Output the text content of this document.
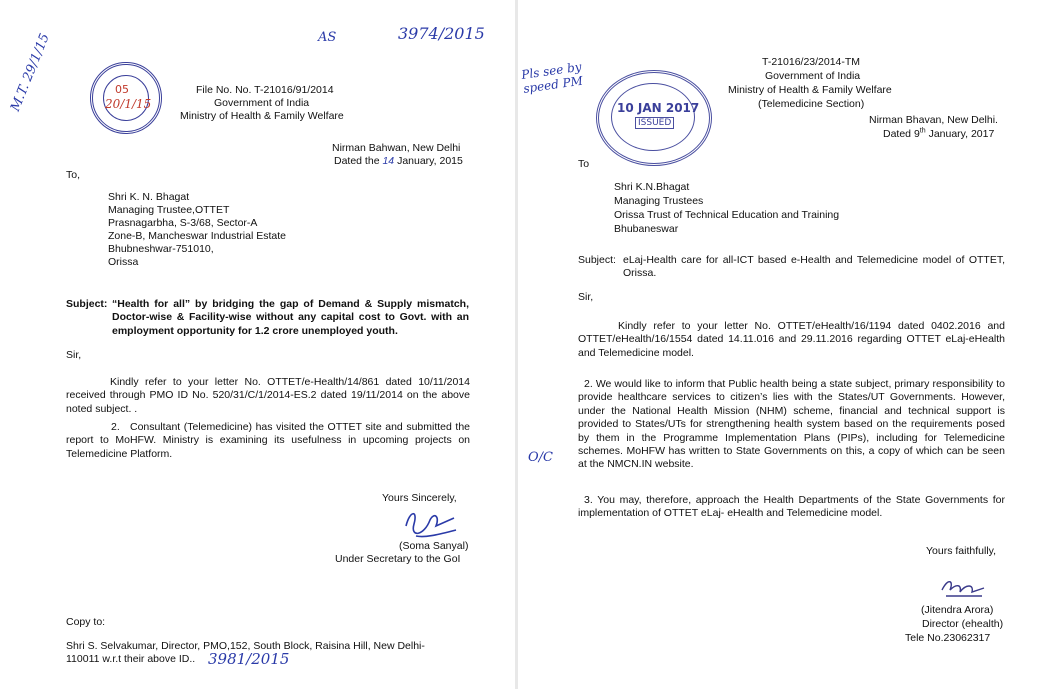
M.T. 29/1/15	AS	3974/2015
05
20/1/15
File No. No. T-21016/91/2014
Government of India
Ministry of Health & Family Welfare
Nirman Bahwan, New Delhi
Dated the 14 January, 2015
To,
Shri K. N. Bhagat
Managing Trustee,OTTET
Prasnagarbha, S-3/68, Sector-A
Zone-B, Mancheswar Industrial Estate
Bhubneshwar-751010,
Orissa
Subject: “Health for all” by bridging the gap of Demand & Supply mismatch, Doctor-wise & Facility-wise without any capital cost to Govt. with an employment opportunity for 1.2 crore unemployed youth.
Sir,
Kindly refer to your letter No. OTTET/e-Health/14/861 dated 10/11/2014 received through PMO ID No. 520/31/C/1/2014-ES.2 dated 19/11/2014 on the above noted subject. .
2. Consultant (Telemedicine) has visited the OTTET site and submitted the report to MoHFW. Ministry is examining its usefulness in upcoming projects on Telemedicine Platform.
Yours Sincerely,
(Soma Sanyal)
Under Secretary to the GoI
Copy to:
Shri S. Selvakumar, Director, PMO,152, South Block, Raisina Hill, New Delhi-
110011 w.r.t their above ID.. 3981/2015
Pls see by speed PM
10 JAN 2017
ISSUED
T-21016/23/2014-TM
Government of India
Ministry of Health & Family Welfare
(Telemedicine Section)
Nirman Bhavan, New Delhi.
Dated 9th January, 2017
To
Shri K.N.Bhagat
Managing Trustees
Orissa Trust of Technical Education and Training
Bhubaneswar
Subject: eLaj-Health care for all-ICT based e-Health and Telemedicine model of OTTET, Orissa.
Sir,
Kindly refer to your letter No. OTTET/eHealth/16/1194 dated 0402.2016 and OTTET/eHealth/16/1554 dated 14.11.016 and 29.11.2016 regarding OTTET eLaj-eHealth and Telemedicine model.
O/C
2. We would like to inform that Public health being a state subject, primary responsibility to provide healthcare services to citizen’s lies with the States/UT Governments. However, under the National Health Mission (NHM) scheme, financial and technical support is provided to States/UTs for strengthening health system based on the requirements posed by them in the Programme Implementation Plans (PIPs), including for Telemedicine schemes. MoHFW has written to State Governments on this, a copy of which can be seen at the NMCN.IN website.
3. You may, therefore, approach the Health Departments of the State Governments for implementation of OTTET eLaj- eHealth and Telemedicine model.
Yours faithfully,
(Jitendra Arora)
Director (ehealth)
Tele No.23062317
